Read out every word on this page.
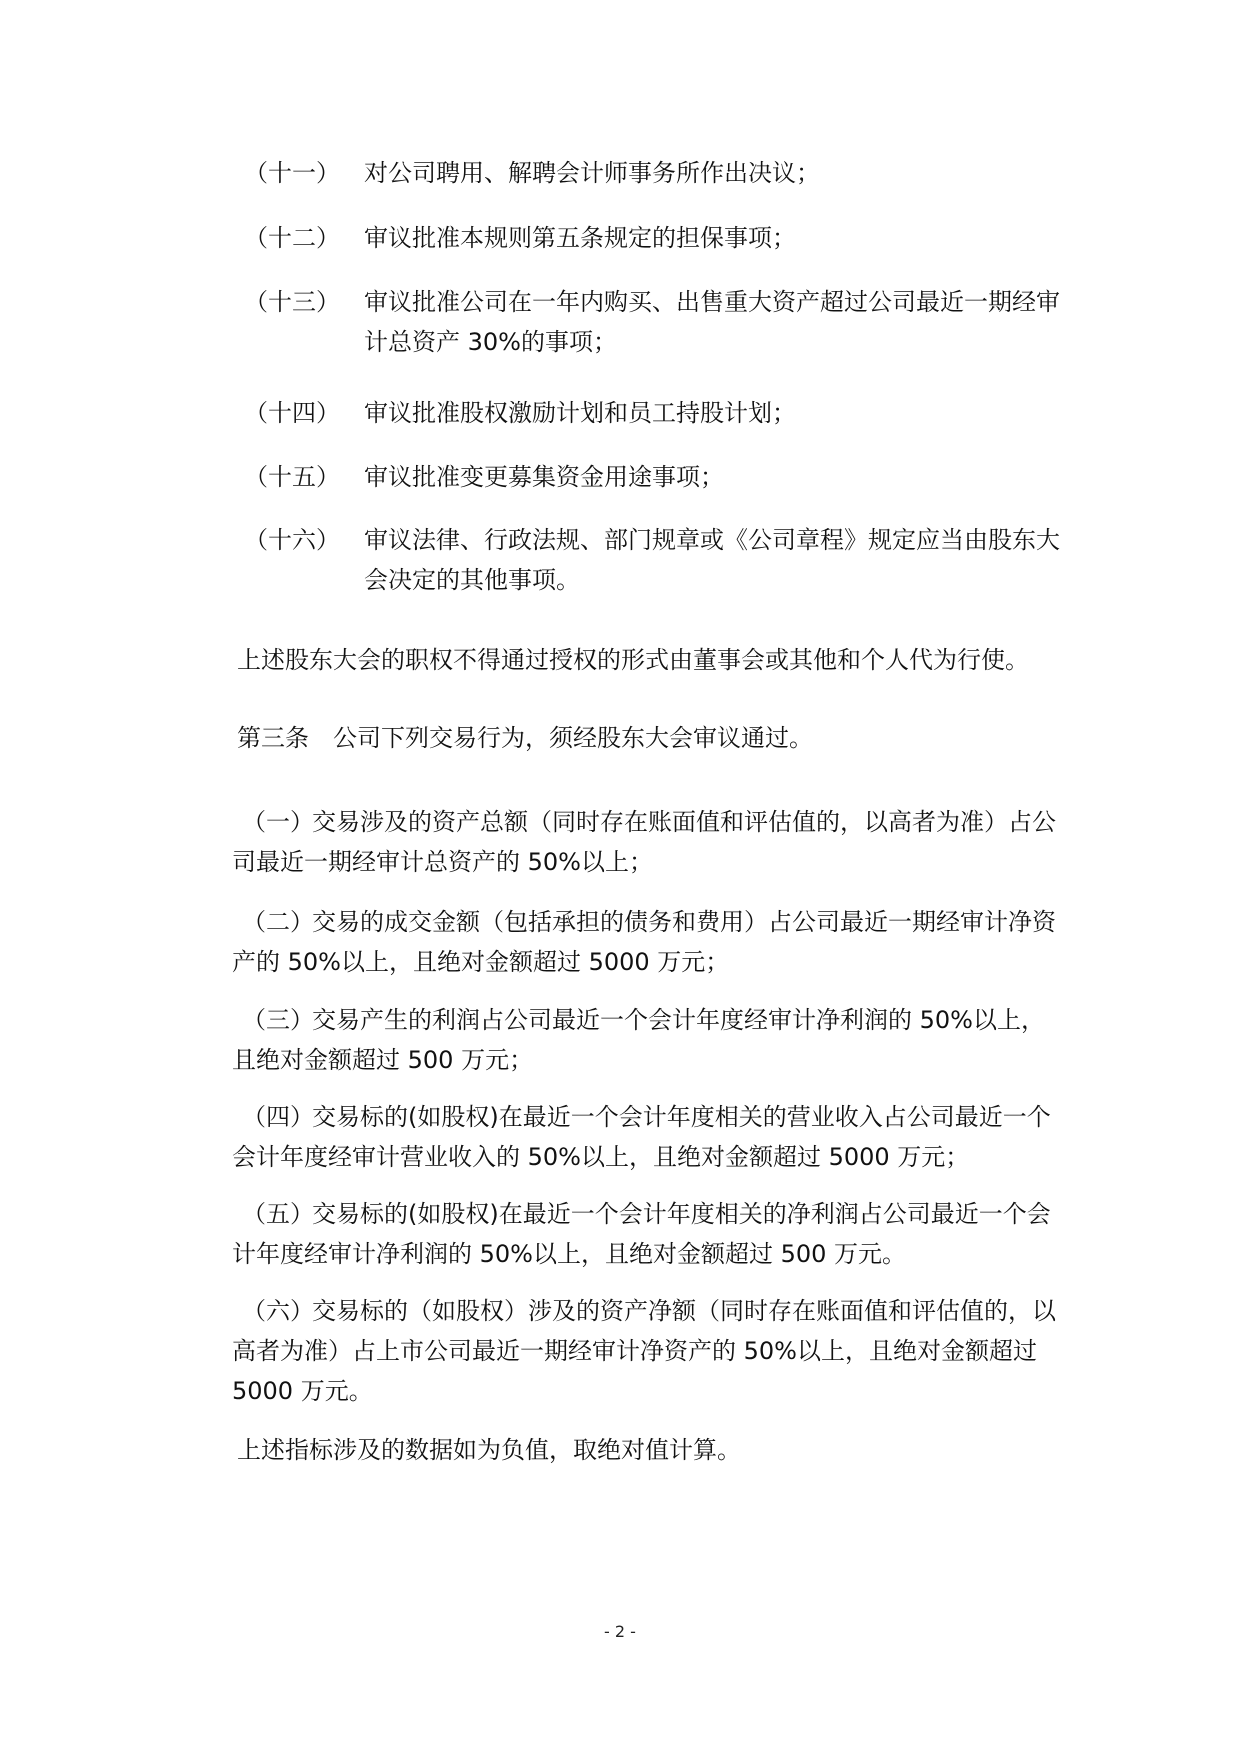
（十一）	对公司聘用、解聘会计师事务所作出决议；
（十二）	审议批准本规则第五条规定的担保事项；
（十三）	审议批准公司在一年内购买、出售重大资产超过公司最近一期经审计总资产 30%的事项；
（十四）	审议批准股权激励计划和员工持股计划；
（十五）	审议批准变更募集资金用途事项；
（十六）	审议法律、行政法规、部门规章或《公司章程》规定应当由股东大会决定的其他事项。
上述股东大会的职权不得通过授权的形式由董事会或其他和个人代为行使。
第三条 公司下列交易行为，须经股东大会审议通过。
（一）交易涉及的资产总额（同时存在账面值和评估值的，以高者为准）占公司最近一期经审计总资产的 50%以上；
（二）交易的成交金额（包括承担的债务和费用）占公司最近一期经审计净资产的 50%以上，且绝对金额超过 5000 万元；
（三）交易产生的利润占公司最近一个会计年度经审计净利润的 50%以上，且绝对金额超过 500 万元；
（四）交易标的(如股权)在最近一个会计年度相关的营业收入占公司最近一个会计年度经审计营业收入的 50%以上，且绝对金额超过 5000 万元；
（五）交易标的(如股权)在最近一个会计年度相关的净利润占公司最近一个会计年度经审计净利润的 50%以上，且绝对金额超过 500 万元。
（六）交易标的（如股权）涉及的资产净额（同时存在账面值和评估值的，以高者为准）占上市公司最近一期经审计净资产的 50%以上，且绝对金额超过 5000 万元。
上述指标涉及的数据如为负值，取绝对值计算。
- 2 -
